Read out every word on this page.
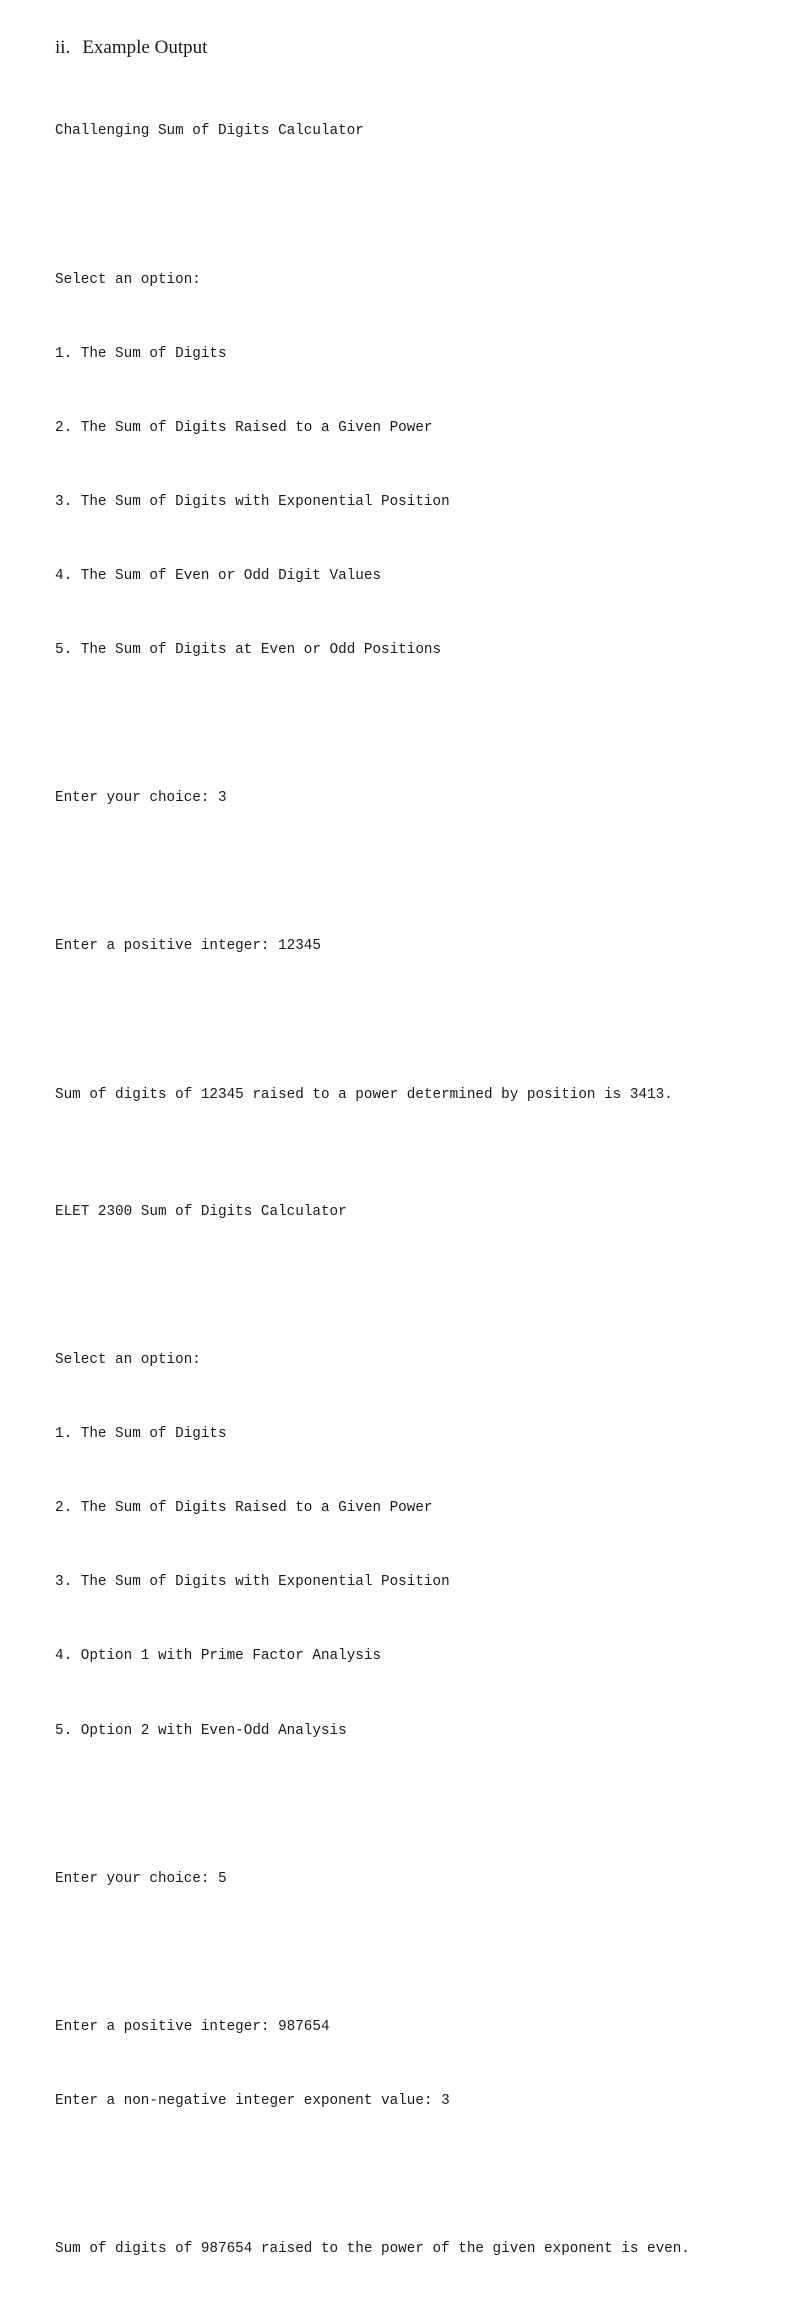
ii. Example Output

Challenging Sum of Digits Calculator

Select an option:

1. The Sum of Digits

2. The Sum of Digits Raised to a Given Power

3. The Sum of Digits with Exponential Position

4. The Sum of Even or Odd Digit Values

5. The Sum of Digits at Even or Odd Positions

Enter your choice: 3

Enter a positive integer: 12345

Sum of digits of 12345 raised to a power determined by position is 3413.

ELET 2300 Sum of Digits Calculator

Select an option:

1. The Sum of Digits

2. The Sum of Digits Raised to a Given Power

3. The Sum of Digits with Exponential Position

4. Option 1 with Prime Factor Analysis

5. Option 2 with Even-Odd Analysis

Enter your choice: 5

Enter a positive integer: 987654

Enter a non-negative integer exponent value: 3

Sum of digits of 987654 raised to the power of the given exponent is even.
